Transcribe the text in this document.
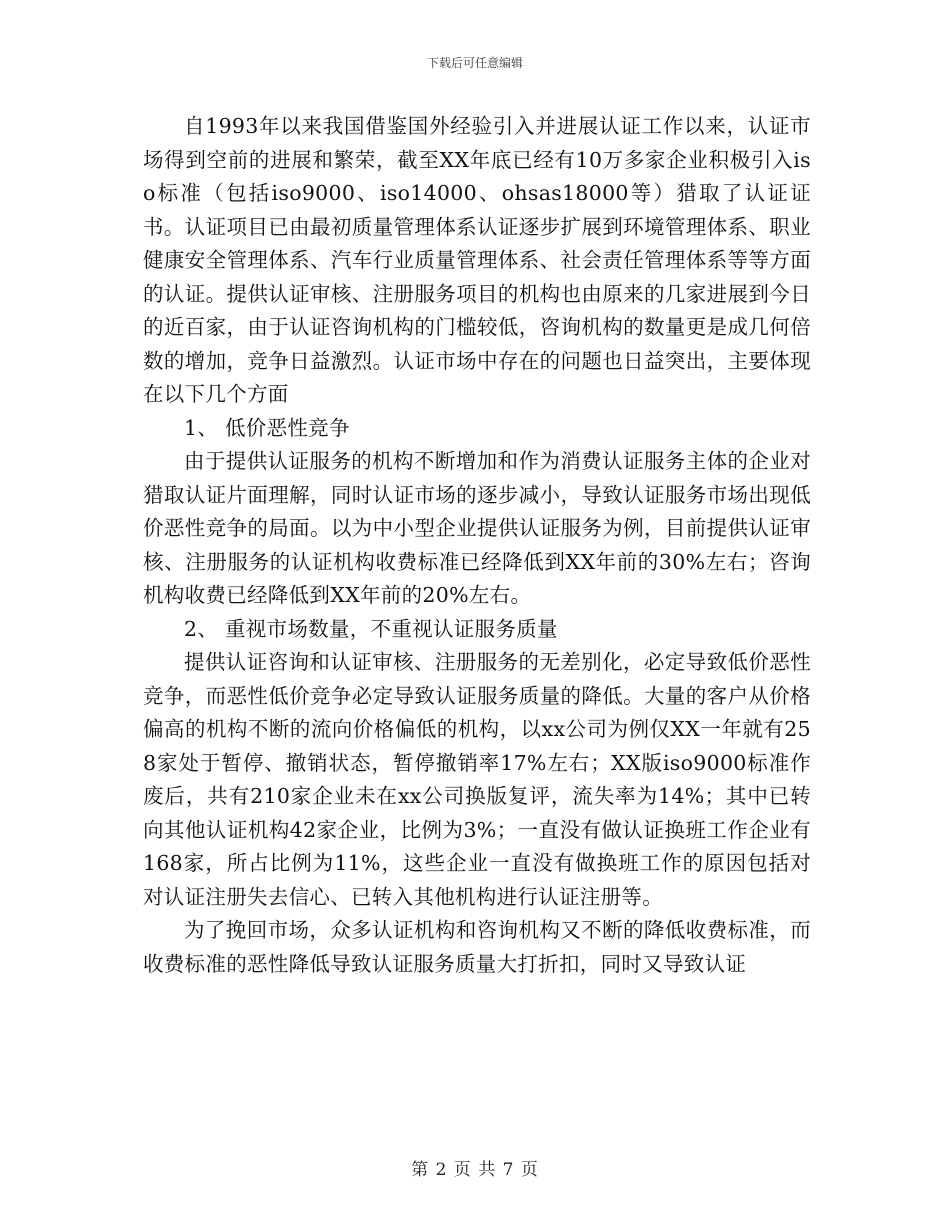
下载后可任意编辑

自1993年以来我国借鉴国外经验引入并进展认证工作以来，认证市场得到空前的进展和繁荣，截至XX年底已经有10万多家企业积极引入iso标准（包括iso9000、iso14000、ohsas18000等）猎取了认证证书。认证项目已由最初质量管理体系认证逐步扩展到环境管理体系、职业健康安全管理体系、汽车行业质量管理体系、社会责任管理体系等等方面的认证。提供认证审核、注册服务项目的机构也由原来的几家进展到今日的近百家，由于认证咨询机构的门槛较低，咨询机构的数量更是成几何倍数的增加，竞争日益激烈。认证市场中存在的问题也日益突出，主要体现在以下几个方面

1、 低价恶性竞争

由于提供认证服务的机构不断增加和作为消费认证服务主体的企业对猎取认证片面理解，同时认证市场的逐步减小，导致认证服务市场出现低价恶性竞争的局面。以为中小型企业提供认证服务为例，目前提供认证审核、注册服务的认证机构收费标准已经降低到XX年前的30%左右；咨询机构收费已经降低到XX年前的20%左右。

2、 重视市场数量，不重视认证服务质量

提供认证咨询和认证审核、注册服务的无差别化，必定导致低价恶性竞争，而恶性低价竞争必定导致认证服务质量的降低。大量的客户从价格偏高的机构不断的流向价格偏低的机构，以xx公司为例仅XX一年就有258家处于暂停、撤销状态，暂停撤销率17%左右；XX版iso9000标准作废后，共有210家企业未在xx公司换版复评，流失率为14%；其中已转向其他认证机构42家企业，比例为3%；一直没有做认证换班工作企业有168家，所占比例为11%，这些企业一直没有做换班工作的原因包括对对认证注册失去信心、已转入其他机构进行认证注册等。

为了挽回市场，众多认证机构和咨询机构又不断的降低收费标准，而收费标准的恶性降低导致认证服务质量大打折扣，同时又导致认证

第 2 页 共 7 页
